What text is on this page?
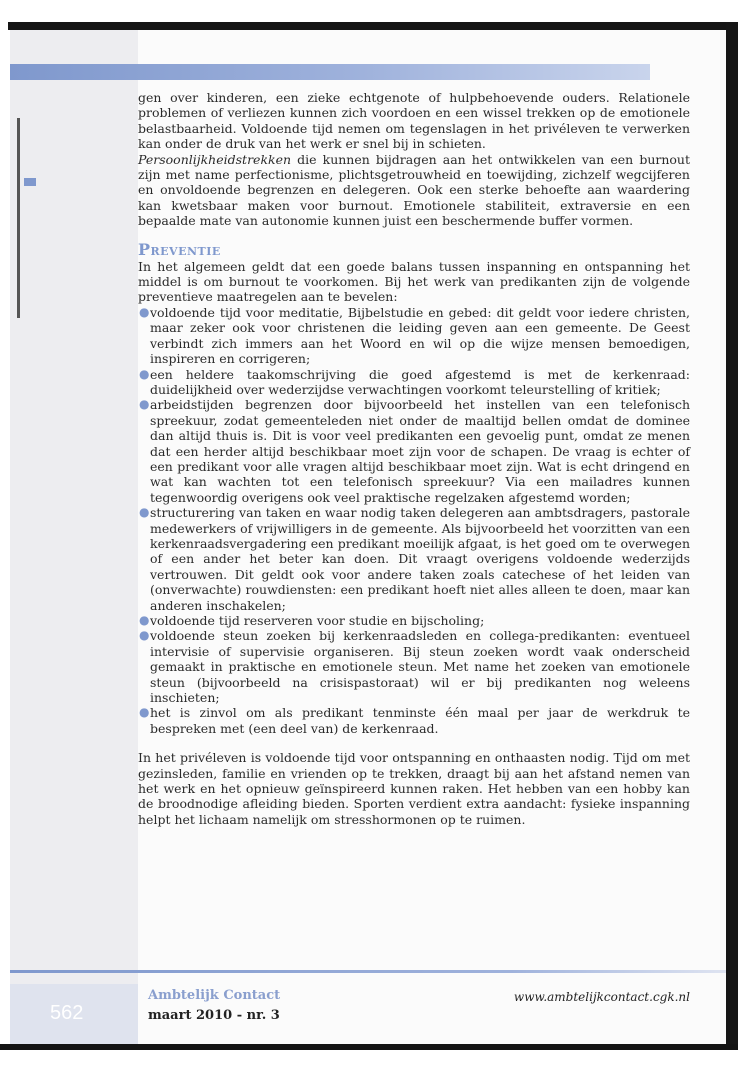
562
Ambtelijk Contact
maart 2010 - nr. 3
www.ambtelijkcontact.cgk.nl

gen over kinderen, een zieke echtgenote of hulpbehoevende ouders. Relationele problemen of verliezen kunnen zich voordoen en een wissel trekken op de emotionele belastbaarheid. Voldoende tijd nemen om tegenslagen in het privéleven te verwerken kan onder de druk van het werk er snel bij in schieten.

Persoonlijkheidstrekken die kunnen bijdragen aan het ontwikkelen van een burnout zijn met name perfectionisme, plichtsgetrouwheid en toewijding, zichzelf wegcijferen en onvoldoende begrenzen en delegeren. Ook een sterke behoefte aan waardering kan kwetsbaar maken voor burnout. Emotionele stabiliteit, extraversie en een bepaalde mate van autonomie kunnen juist een beschermende buffer vormen.

Preventie

In het algemeen geldt dat een goede balans tussen inspanning en ontspanning het middel is om burnout te voorkomen. Bij het werk van predikanten zijn de volgende preventieve maatregelen aan te bevelen:

● voldoende tijd voor meditatie, Bijbelstudie en gebed: dit geldt voor iedere christen, maar zeker ook voor christenen die leiding geven aan een gemeente. De Geest verbindt zich immers aan het Woord en wil op die wijze mensen bemoedigen, inspireren en corrigeren;
● een heldere taakomschrijving die goed afgestemd is met de kerkenraad: duidelijkheid over wederzijdse verwachtingen voorkomt teleurstelling of kritiek;
● arbeidstijden begrenzen door bijvoorbeeld het instellen van een telefonisch spreekuur, zodat gemeenteleden niet onder de maaltijd bellen omdat de dominee dan altijd thuis is. Dit is voor veel predikanten een gevoelig punt, omdat ze menen dat een herder altijd beschikbaar moet zijn voor de schapen. De vraag is echter of een predikant voor alle vragen altijd beschikbaar moet zijn. Wat is echt dringend en wat kan wachten tot een telefonisch spreekuur? Via een mailadres kunnen tegenwoordig overigens ook veel praktische regelzaken afgestemd worden;
● structurering van taken en waar nodig taken delegeren aan ambtsdragers, pastorale medewerkers of vrijwilligers in de gemeente. Als bijvoorbeeld het voorzitten van een kerkenraadsvergadering een predikant moeilijk afgaat, is het goed om te overwegen of een ander het beter kan doen. Dit vraagt overigens voldoende wederzijds vertrouwen. Dit geldt ook voor andere taken zoals catechese of het leiden van (onverwachte) rouwdiensten: een predikant hoeft niet alles alleen te doen, maar kan anderen inschakelen;
● voldoende tijd reserveren voor studie en bijscholing;
● voldoende steun zoeken bij kerkenraadsleden en collega-predikanten: eventueel intervisie of supervisie organiseren. Bij steun zoeken wordt vaak onderscheid gemaakt in praktische en emotionele steun. Met name het zoeken van emotionele steun (bijvoorbeeld na crisispastoraat) wil er bij predikanten nog weleens inschieten;
● het is zinvol om als predikant tenminste één maal per jaar de werkdruk te bespreken met (een deel van) de kerkenraad.

In het privéleven is voldoende tijd voor ontspanning en onthaasten nodig. Tijd om met gezinsleden, familie en vrienden op te trekken, draagt bij aan het afstand nemen van het werk en het opnieuw geïnspireerd kunnen raken. Het hebben van een hobby kan de broodnodige afleiding bieden. Sporten verdient extra aandacht: fysieke inspanning helpt het lichaam namelijk om stresshormonen op te ruimen.
